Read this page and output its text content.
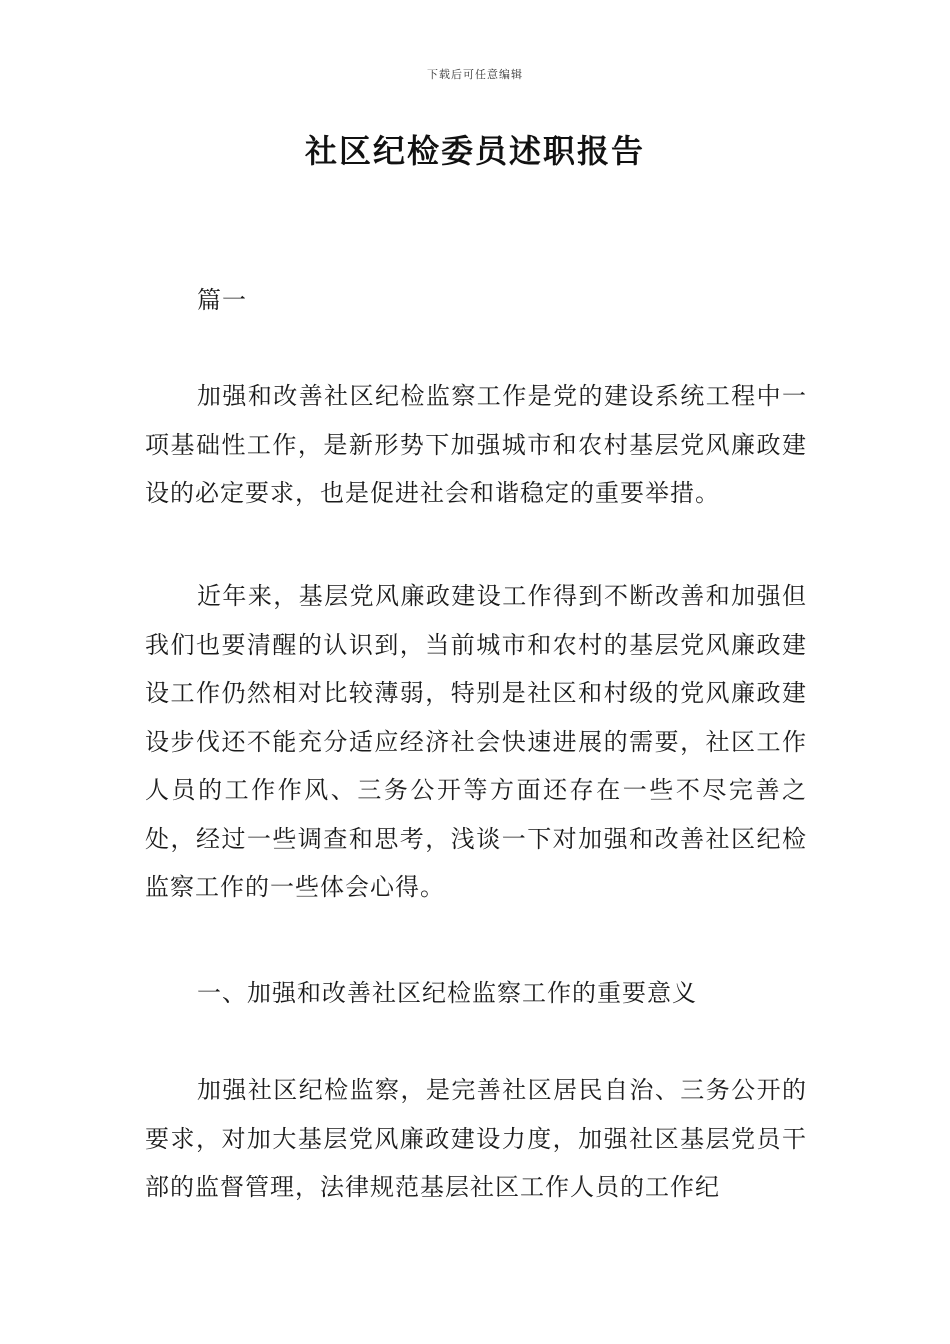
下载后可任意编辑
社区纪检委员述职报告

篇一

加强和改善社区纪检监察工作是党的建设系统工程中一项基础性工作，是新形势下加强城市和农村基层党风廉政建设的必定要求，也是促进社会和谐稳定的重要举措。

近年来，基层党风廉政建设工作得到不断改善和加强但我们也要清醒的认识到，当前城市和农村的基层党风廉政建设工作仍然相对比较薄弱，特别是社区和村级的党风廉政建设步伐还不能充分适应经济社会快速进展的需要，社区工作人员的工作作风、三务公开等方面还存在一些不尽完善之处，经过一些调查和思考，浅谈一下对加强和改善社区纪检监察工作的一些体会心得。

一、加强和改善社区纪检监察工作的重要意义

加强社区纪检监察，是完善社区居民自治、三务公开的要求，对加大基层党风廉政建设力度，加强社区基层党员干部的监督管理，法律规范基层社区工作人员的工作纪
